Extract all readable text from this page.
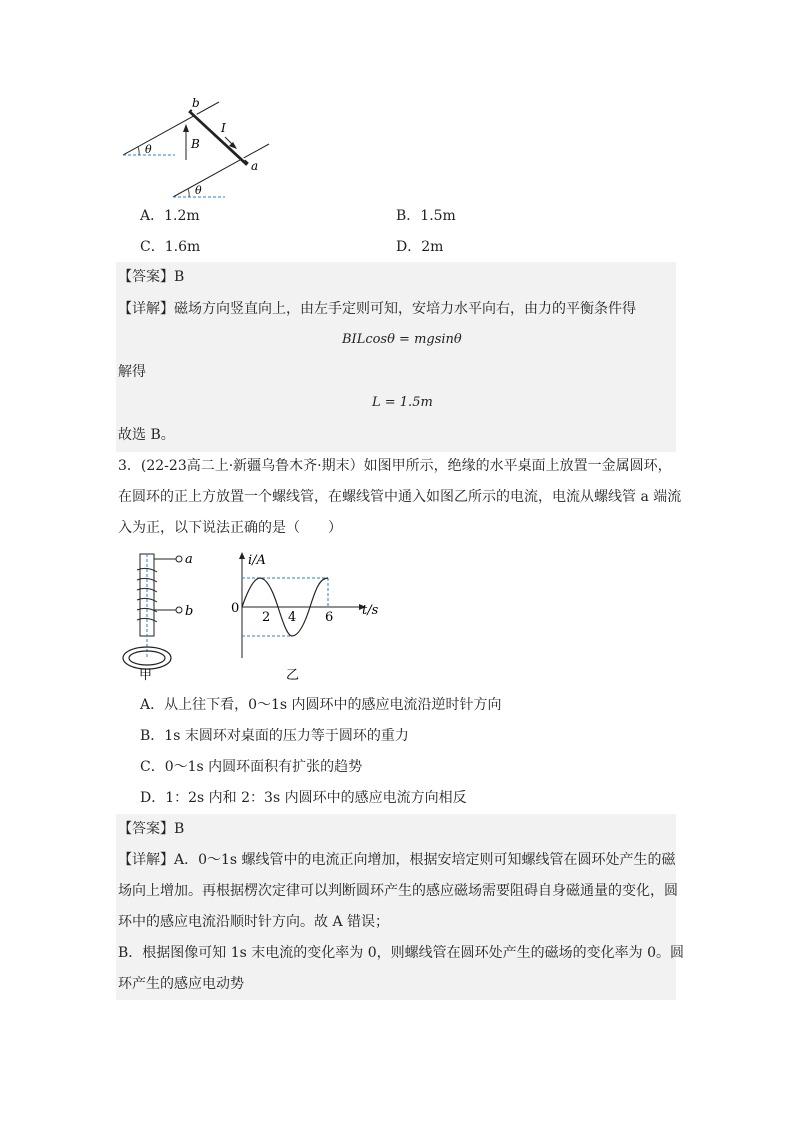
b
a
B
I
θ
θ
A．1.2m	B．1.5m
C．1.6m	D．2m
【答案】B
【详解】磁场方向竖直向上，由左手定则可知，安培力水平向右，由力的平衡条件得
BILcosθ = mgsinθ
解得
L = 1.5m
故选 B。
3．(22-23高二上·新疆乌鲁木齐·期末）如图甲所示，绝缘的水平桌面上放置一金属圆环，
在圆环的正上方放置一个螺线管，在螺线管中通入如图乙所示的电流，电流从螺线管 a 端流
入为正，以下说法正确的是（　　）
a
b
甲
i/A
t/s
0
2 4 6
乙
A．从上往下看，0～1s 内圆环中的感应电流沿逆时针方向
B．1s 末圆环对桌面的压力等于圆环的重力
C．0～1s 内圆环面积有扩张的趋势
D．1：2s 内和 2：3s 内圆环中的感应电流方向相反
【答案】B
【详解】A．0～1s 螺线管中的电流正向增加，根据安培定则可知螺线管在圆环处产生的磁
场向上增加。再根据楞次定律可以判断圆环产生的感应磁场需要阻碍自身磁通量的变化，圆
环中的感应电流沿顺时针方向。故 A 错误；
B．根据图像可知 1s 末电流的变化率为 0，则螺线管在圆环处产生的磁场的变化率为 0。圆
环产生的感应电动势
